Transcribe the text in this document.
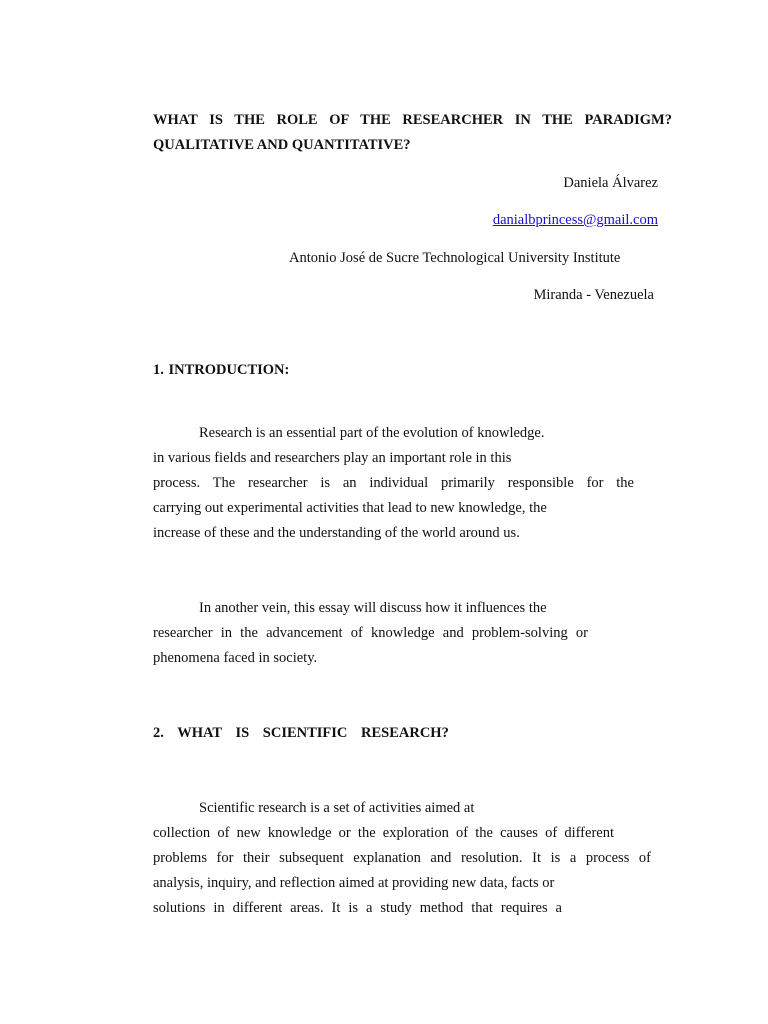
WHAT IS THE ROLE OF THE RESEARCHER IN THE PARADIGM?
QUALITATIVE AND QUANTITATIVE?
Daniela Álvarez
danialbprincess@gmail.com
Antonio José de Sucre Technological University Institute
Miranda - Venezuela
1. INTRODUCTION:
Research is an essential part of the evolution of knowledge.
in various fields and researchers play an important role in this
process. The researcher is an individual primarily responsible for the
carrying out experimental activities that lead to new knowledge, the
increase of these and the understanding of the world around us.
In another vein, this essay will discuss how it influences the
researcher in the advancement of knowledge and problem-solving or
phenomena faced in society.
2. WHAT IS SCIENTIFIC RESEARCH?
Scientific research is a set of activities aimed at
collection of new knowledge or the exploration of the causes of different
problems for their subsequent explanation and resolution. It is a process of
analysis, inquiry, and reflection aimed at providing new data, facts or
solutions in different areas. It is a study method that requires a
